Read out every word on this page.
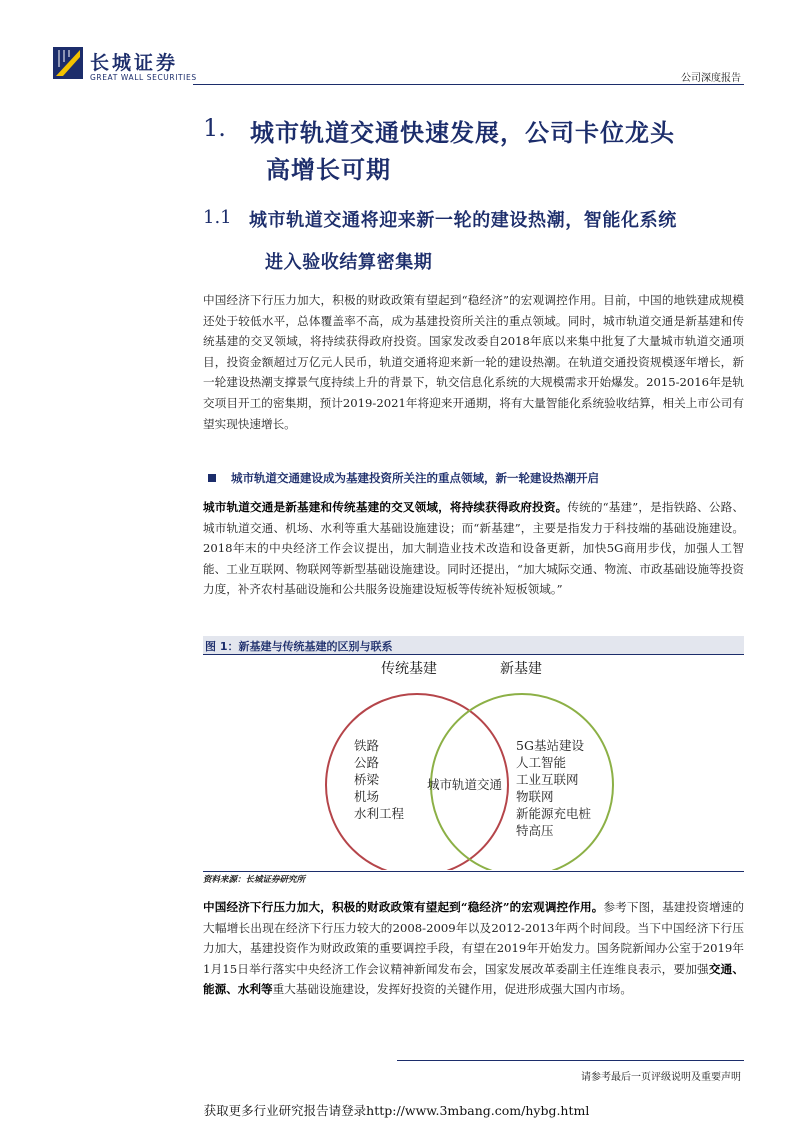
长城证券
GREAT WALL SECURITIES	公司深度报告
1. 城市轨道交通快速发展，公司卡位龙头
高增长可期
1.1 城市轨道交通将迎来新一轮的建设热潮，智能化系统
进入验收结算密集期
中国经济下行压力加大，积极的财政政策有望起到“稳经济”的宏观调控作用。目前，中国的地铁建成规模还处于较低水平，总体覆盖率不高，成为基建投资所关注的重点领域。同时，城市轨道交通是新基建和传统基建的交叉领域，将持续获得政府投资。国家发改委自2018年底以来集中批复了大量城市轨道交通项目，投资金额超过万亿元人民币，轨道交通将迎来新一轮的建设热潮。在轨道交通投资规模逐年增长，新一轮建设热潮支撑景气度持续上升的背景下，轨交信息化系统的大规模需求开始爆发。2015-2016年是轨交项目开工的密集期，预计2019-2021年将迎来开通期，将有大量智能化系统验收结算，相关上市公司有望实现快速增长。
城市轨道交通建设成为基建投资所关注的重点领域，新一轮建设热潮开启
城市轨道交通是新基建和传统基建的交叉领域，将持续获得政府投资。传统的“基建”，是指铁路、公路、城市轨道交通、机场、水利等重大基础设施建设；而“新基建”，主要是指发力于科技端的基础设施建设。2018年末的中央经济工作会议提出，加大制造业技术改造和设备更新，加快5G商用步伐，加强人工智能、工业互联网、物联网等新型基础设施建设。同时还提出，“加大城际交通、物流、市政基础设施等投资力度，补齐农村基础设施和公共服务设施建设短板等传统补短板领域。”
图 1：新基建与传统基建的区别与联系
传统基建	新基建
铁路
公路
桥梁
机场
水利工程
城市轨道交通
5G基站建设
人工智能
工业互联网
物联网
新能源充电桩
特高压
资料来源：长城证券研究所
中国经济下行压力加大，积极的财政政策有望起到“稳经济”的宏观调控作用。参考下图，基建投资增速的大幅增长出现在经济下行压力较大的2008-2009年以及2012-2013年两个时间段。当下中国经济下行压力加大，基建投资作为财政政策的重要调控手段，有望在2019年开始发力。国务院新闻办公室于2019年1月15日举行落实中央经济工作会议精神新闻发布会，国家发展改革委副主任连维良表示，要加强交通、能源、水利等重大基础设施建设，发挥好投资的关键作用，促进形成强大国内市场。
请参考最后一页评级说明及重要声明
获取更多行业研究报告请登录http://www.3mbang.com/hybg.html
